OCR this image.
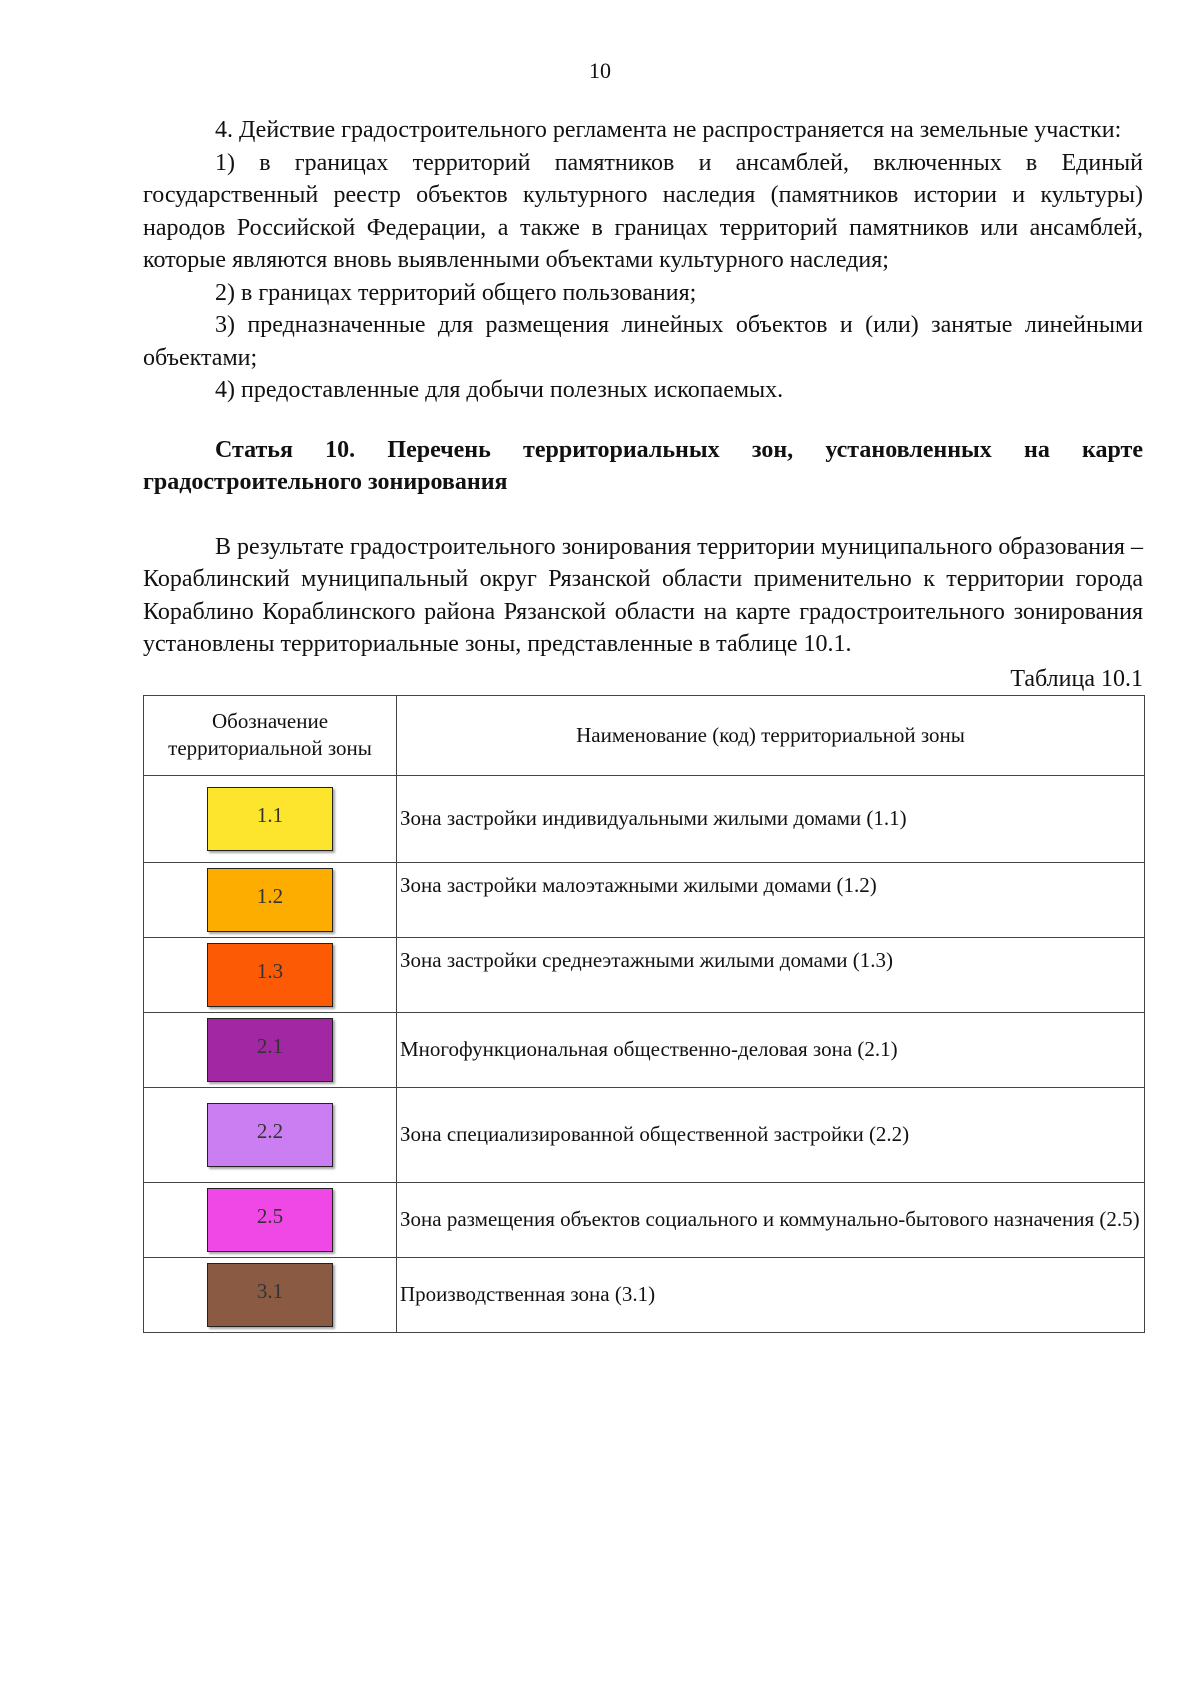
10

4. Действие градостроительного регламента не распространяется на земельные участки:

1) в границах территорий памятников и ансамблей, включенных в Единый государственный реестр объектов культурного наследия (памятников истории и культуры) народов Российской Федерации, а также в границах территорий памятников или ансамблей, которые являются вновь выявленными объектами культурного наследия;

2) в границах территорий общего пользования;

3) предназначенные для размещения линейных объектов и (или) занятые линейными объектами;

4) предоставленные для добычи полезных ископаемых.

Статья 10. Перечень территориальных зон, установленных на карте градостроительного зонирования

В результате градостроительного зонирования территории муниципального образования – Кораблинский муниципальный округ Рязанской области применительно к территории города Кораблино Кораблинского района Рязанской области на карте градостроительного зонирования установлены территориальные зоны, представленные в таблице 10.1.

Таблица 10.1
Обозначение территориальной зоны	Наименование (код) территориальной зоны
1.1	Зона застройки индивидуальными жилыми домами (1.1)
1.2	Зона застройки малоэтажными жилыми домами (1.2)
1.3	Зона застройки среднеэтажными жилыми домами (1.3)
2.1	Многофункциональная общественно-деловая зона (2.1)
2.2	Зона специализированной общественной застройки (2.2)
2.5	Зона размещения объектов социального и коммунально-бытового назначения (2.5)
3.1	Производственная зона (3.1)
